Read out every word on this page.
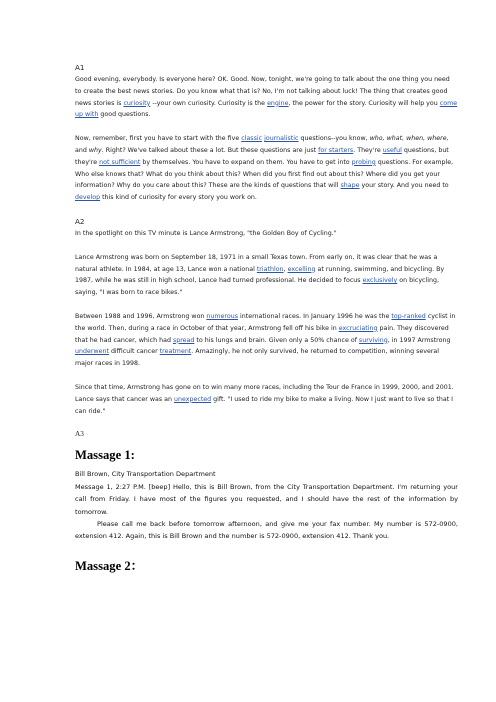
A1

Good evening, everybody. Is everyone here? OK. Good. Now, tonight, we're going to talk about the one thing you need to create the best news stories. Do you know what that is? No, I'm not talking about luck! The thing that creates good news stories is curiosity --your own curiosity. Curiosity is the engine, the power for the story. Curiosity will help you come up with good questions.

Now, remember, first you have to start with the five classic journalistic questions--you know, who, what, when, where, and why. Right? We've talked about these a lot. But these questions are just for starters. They're useful questions, but they're not sufficient by themselves. You have to expand on them. You have to get into probing questions. For example, Who else knows that? What do you think about this? When did you first find out about this? Where did you get your information? Why do you care about this? These are the kinds of questions that will shape your story. And you need to develop this kind of curiosity for every story you work on.

A2

In the spotlight on this TV minute is Lance Armstrong, "the Golden Boy of Cycling."

Lance Armstrong was born on September 18, 1971 in a small Texas town. From early on, it was clear that he was a natural athlete. In 1984, at age 13, Lance won a national triathlon, excelling at running, swimming, and bicycling. By 1987, while he was still in high school, Lance had turned professional. He decided to focus exclusively on bicycling, saying, "I was born to race bikes."

Between 1988 and 1996, Armstrong won numerous international races. In January 1996 he was the top-ranked cyclist in the world. Then, during a race in October of that year, Armstrong fell off his bike in excruciating pain. They discovered that he had cancer, which had spread to his lungs and brain. Given only a 50% chance of surviving, in 1997 Armstrong underwent difficult cancer treatment. Amazingly, he not only survived, he returned to competition, winning several major races in 1998.

Since that time, Armstrong has gone on to win many more races, including the Tour de France in 1999, 2000, and 2001. Lance says that cancer was an unexpected gift. "I used to ride my bike to make a living. Now I just want to live so that I can ride."

A3
Massage 1:

Bill Brown, City Transportation Department

Message 1, 2:27 P.M. [beep] Hello, this is Bill Brown, from the City Transportation Department. I'm returning your call from Friday. I have most of the figures you requested, and I should have the rest of the information by tomorrow.

Please call me back before tomorrow afternoon, and give me your fax number. My number is 572-0900, extension 412. Again, this is Bill Brown and the number is 572-0900, extension 412. Thank you.

Massage 2：
